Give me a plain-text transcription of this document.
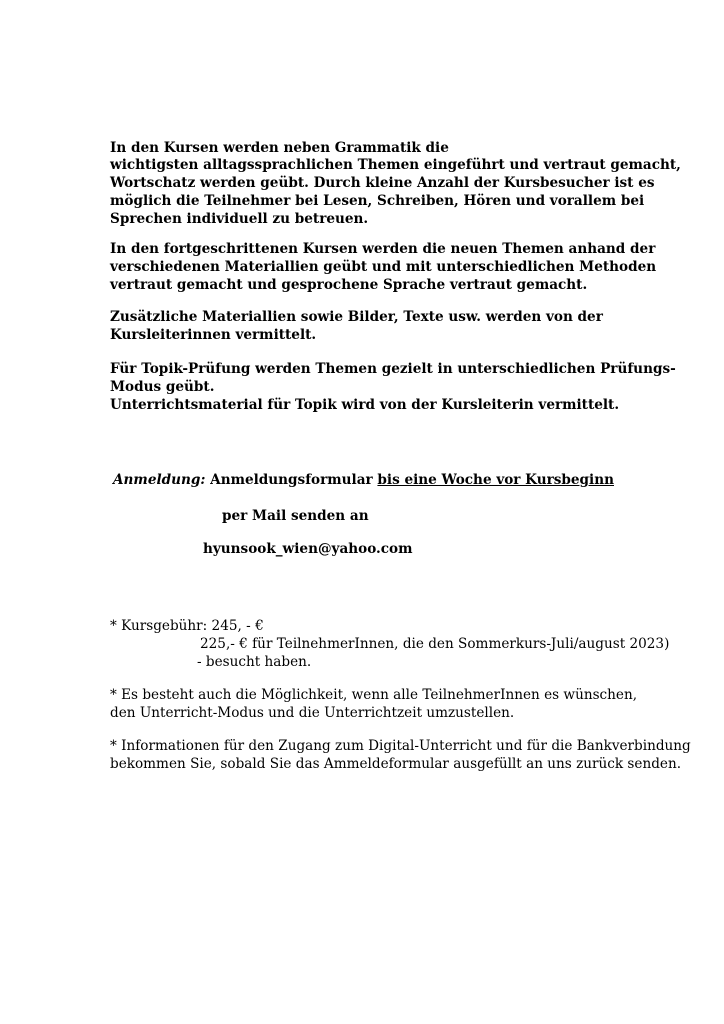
In den Kursen werden neben Grammatik die
wichtigsten alltagssprachlichen Themen eingeführt und vertraut gemacht,
Wortschatz werden geübt. Durch kleine Anzahl der Kursbesucher ist es
möglich die Teilnehmer bei Lesen, Schreiben, Hören und vorallem bei
Sprechen individuell zu betreuen.
In den fortgeschrittenen Kursen werden die neuen Themen anhand der
verschiedenen Materiallien geübt und mit unterschiedlichen Methoden
vertraut gemacht und gesprochene Sprache vertraut gemacht.
Zusätzliche Materiallien sowie Bilder, Texte usw. werden von der
Kursleiterinnen vermittelt.
Für Topik-Prüfung werden Themen gezielt in unterschiedlichen Prüfungs-
Modus geübt.
Unterrichtsmaterial für Topik wird von der Kursleiterin vermittelt.
Anmeldung: Anmeldungsformular bis eine Woche vor Kursbeginn
per Mail senden an
hyunsook_wien@yahoo.com
* Kursgebühr: 245, - €
225,- € für TeilnehmerInnen, die den Sommerkurs-Juli/august 2023)
- besucht haben.
* Es besteht auch die Möglichkeit, wenn alle TeilnehmerInnen es wünschen,
den Unterricht-Modus und die Unterrichtzeit umzustellen.
* Informationen für den Zugang zum Digital-Unterricht und für die Bankverbindung
bekommen Sie, sobald Sie das Ammeldeformular ausgefüllt an uns zurück senden.
